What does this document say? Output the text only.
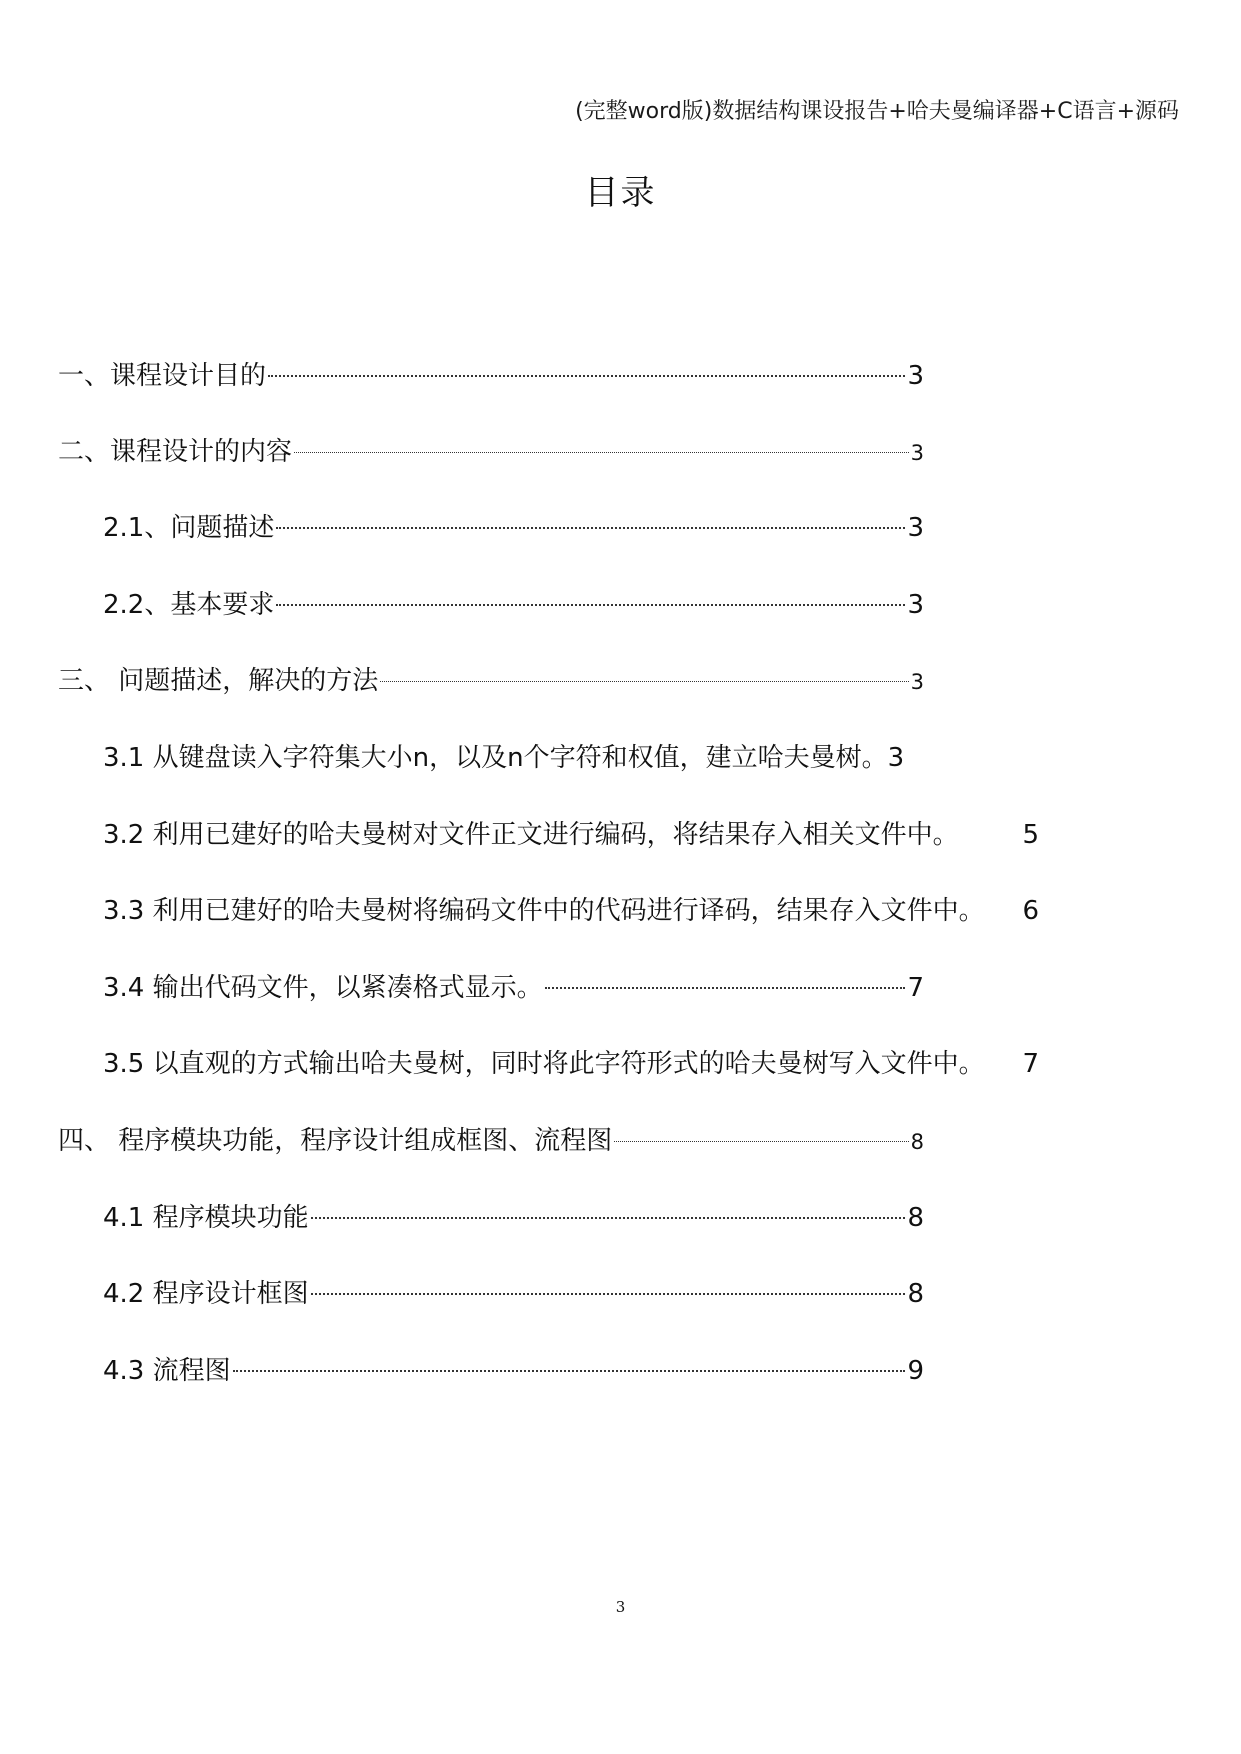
(完整word版)数据结构课设报告+哈夫曼编译器+C语言+源码
目录
一、课程设计目的	3
二、课程设计的内容	3
2.1、问题描述	3
2.2、基本要求	3
三、 问题描述，解决的方法	3
3.1 从键盘读入字符集大小n，以及n个字符和权值，建立哈夫曼树。 3
3.2 利用已建好的哈夫曼树对文件正文进行编码，将结果存入相关文件中。 5
3.3 利用已建好的哈夫曼树将编码文件中的代码进行译码，结果存入文件中。 6
3.4 输出代码文件，以紧凑格式显示。	7
3.5 以直观的方式输出哈夫曼树，同时将此字符形式的哈夫曼树写入文件中。 7
四、 程序模块功能，程序设计组成框图、流程图	8
4.1 程序模块功能	8
4.2 程序设计框图	8
4.3 流程图	9
3
